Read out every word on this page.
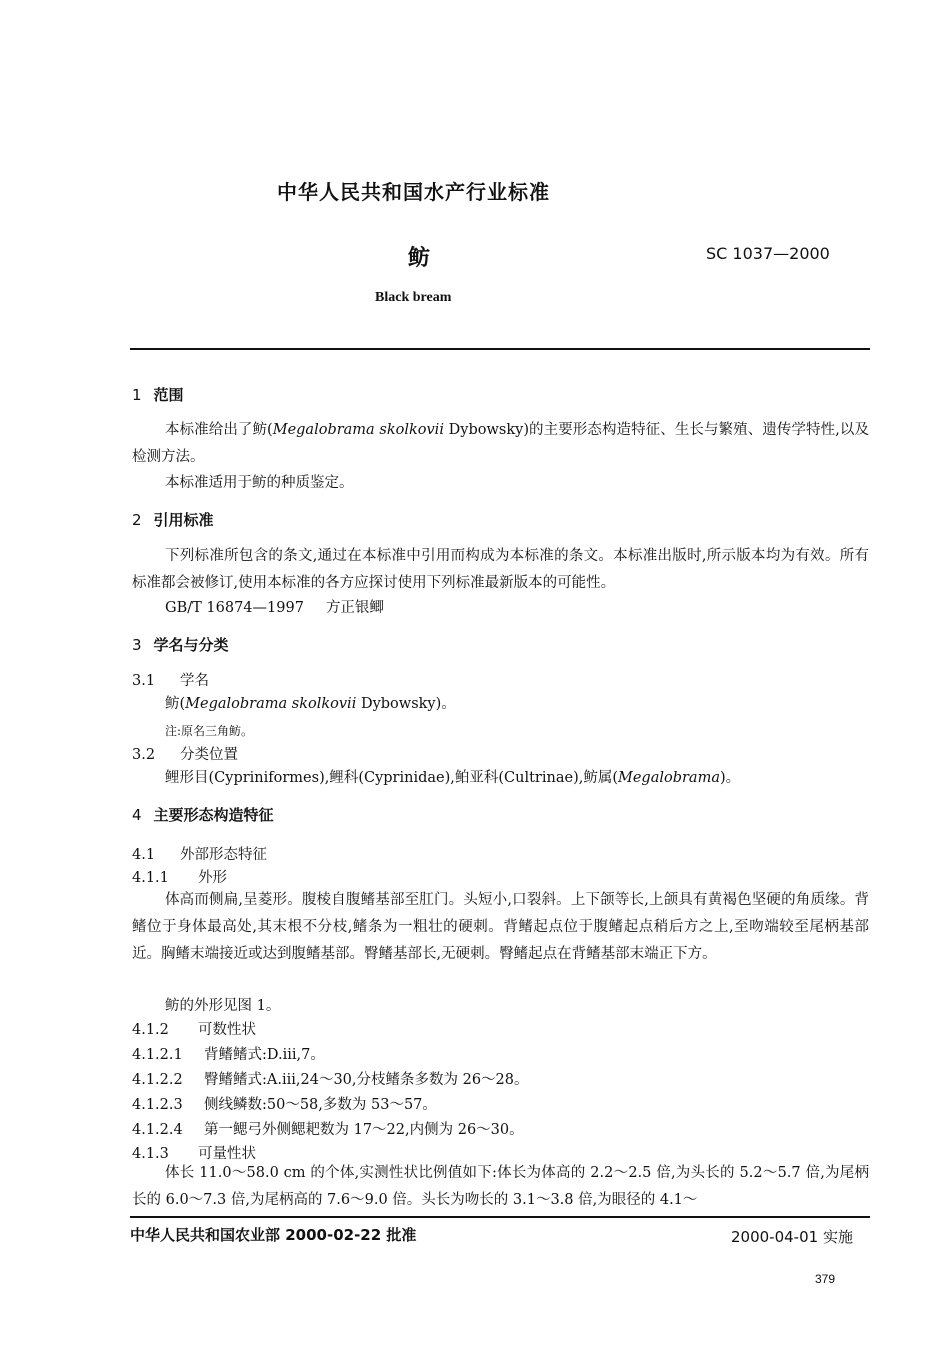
中华人民共和国水产行业标准
鲂	SC 1037—2000
Black bream
1 范围
本标准给出了鲂(Megalobrama skolkovii Dybowsky)的主要形态构造特征、生长与繁殖、遗传学特性,以及检测方法。
本标准适用于鲂的种质鉴定。
2 引用标准
下列标准所包含的条文,通过在本标准中引用而构成为本标准的条文。本标准出版时,所示版本均为有效。所有标准都会被修订,使用本标准的各方应探讨使用下列标准最新版本的可能性。
GB/T 16874—1997 方正银鲫
3 学名与分类
3.1 学名
鲂(Megalobrama skolkovii Dybowsky)。
注:原名三角鲂。
3.2 分类位置
鲤形目(Cypriniformes),鲤科(Cyprinidae),鲌亚科(Cultrinae),鲂属(Megalobrama)。
4 主要形态构造特征
4.1 外部形态特征
4.1.1 外形
体高而侧扁,呈菱形。腹棱自腹鳍基部至肛门。头短小,口裂斜。上下颌等长,上颌具有黄褐色坚硬的角质缘。背鳍位于身体最高处,其末根不分枝,鳍条为一粗壮的硬刺。背鳍起点位于腹鳍起点稍后方之上,至吻端较至尾柄基部近。胸鳍末端接近或达到腹鳍基部。臀鳍基部长,无硬刺。臀鳍起点在背鳍基部末端正下方。
鲂的外形见图 1。
4.1.2 可数性状
4.1.2.1 背鳍鳍式:D.iii,7。
4.1.2.2 臀鳍鳍式:A.iii,24～30,分枝鳍条多数为 26～28。
4.1.2.3 侧线鳞数:50～58,多数为 53～57。
4.1.2.4 第一鳃弓外侧鳃耙数为 17～22,内侧为 26～30。
4.1.3 可量性状
体长 11.0～58.0 cm 的个体,实测性状比例值如下:体长为体高的 2.2～2.5 倍,为头长的 5.2～5.7 倍,为尾柄长的 6.0～7.3 倍,为尾柄高的 7.6～9.0 倍。头长为吻长的 3.1～3.8 倍,为眼径的 4.1～
中华人民共和国农业部 2000-02-22 批准	2000-04-01 实施
379
